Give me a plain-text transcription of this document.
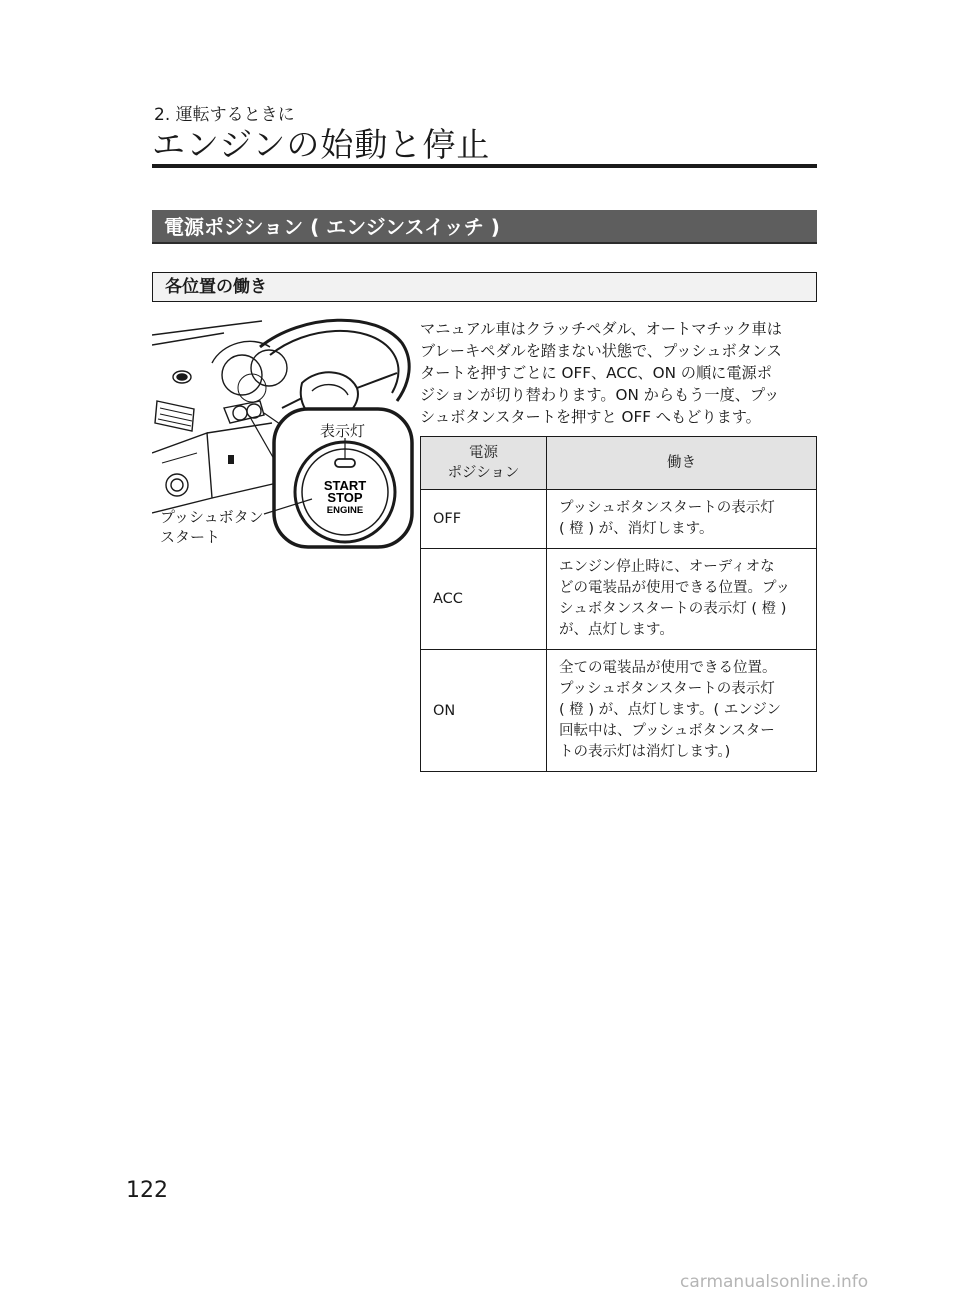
2. 運転するときに
エンジンの始動と停止
電源ポジション ( エンジンスイッチ )
各位置の働き
マニュアル車はクラッチペダル、オートマチック車は
ブレーキペダルを踏まない状態で、プッシュボタンス
タートを押すごとに OFF、ACC、ON の順に電源ポ
ジションが切り替わります。ON からもう一度、プッ
シュボタンスタートを押すと OFF へもどります。
START
STOP
ENGINE
表示灯
プッシュボタン
スタート
電源
ポジション	働き
OFF	プッシュボタンスタートの表示灯
( 橙 ) が、消灯します。
ACC	エンジン停止時に、オーディオな
どの電装品が使用できる位置。プッ
シュボタンスタートの表示灯 ( 橙 )
が、点灯します。
ON	全ての電装品が使用できる位置。
プッシュボタンスタートの表示灯
( 橙 ) が、点灯します。( エンジン
回転中は、プッシュボタンスター
トの表示灯は消灯します。)
122
carmanualsonline.info
